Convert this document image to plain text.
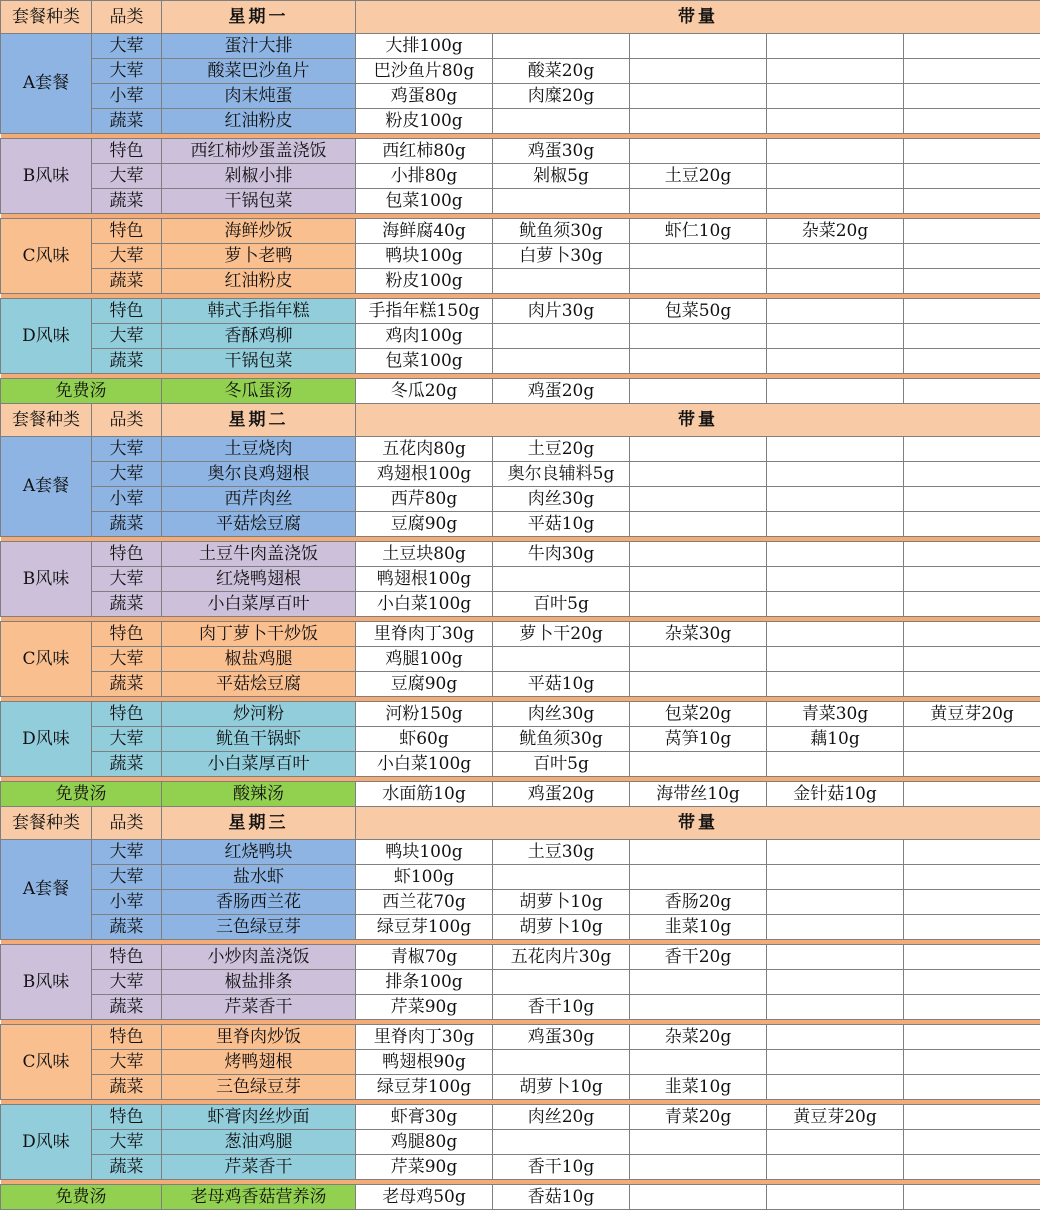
套餐种类	品类	星期一	带量				
A套餐	大荤	蛋汁大排	大排100g				
	大荤	酸菜巴沙鱼片	巴沙鱼片80g	酸菜20g			
	小荤	肉末炖蛋	鸡蛋80g	肉糜20g			
	蔬菜	红油粉皮	粉皮100g				

B风味	特色	西红柿炒蛋盖浇饭	西红柿80g	鸡蛋30g			
	大荤	剁椒小排	小排80g	剁椒5g	土豆20g		
	蔬菜	干锅包菜	包菜100g				

C风味	特色	海鲜炒饭	海鲜腐40g	鱿鱼须30g	虾仁10g	杂菜20g	
	大荤	萝卜老鸭	鸭块100g	白萝卜30g			
	蔬菜	红油粉皮	粉皮100g				

D风味	特色	韩式手指年糕	手指年糕150g	肉片30g	包菜50g		
	大荤	香酥鸡柳	鸡肉100g				
	蔬菜	干锅包菜	包菜100g				

免费汤		冬瓜蛋汤	冬瓜20g	鸡蛋20g			
套餐种类	品类	星期二	带量				
A套餐	大荤	土豆烧肉	五花肉80g	土豆20g			
	大荤	奥尔良鸡翅根	鸡翅根100g	奥尔良辅料5g			
	小荤	西芹肉丝	西芹80g	肉丝30g			
	蔬菜	平菇烩豆腐	豆腐90g	平菇10g			

B风味	特色	土豆牛肉盖浇饭	土豆块80g	牛肉30g			
	大荤	红烧鸭翅根	鸭翅根100g				
	蔬菜	小白菜厚百叶	小白菜100g	百叶5g			

C风味	特色	肉丁萝卜干炒饭	里脊肉丁30g	萝卜干20g	杂菜30g		
	大荤	椒盐鸡腿	鸡腿100g				
	蔬菜	平菇烩豆腐	豆腐90g	平菇10g			

D风味	特色	炒河粉	河粉150g	肉丝30g	包菜20g	青菜30g	黄豆芽20g
	大荤	鱿鱼干锅虾	虾60g	鱿鱼须30g	莴笋10g	藕10g	
	蔬菜	小白菜厚百叶	小白菜100g	百叶5g			

免费汤		酸辣汤	水面筋10g	鸡蛋20g	海带丝10g	金针菇10g	
套餐种类	品类	星期三	带量				
A套餐	大荤	红烧鸭块	鸭块100g	土豆30g			
	大荤	盐水虾	虾100g				
	小荤	香肠西兰花	西兰花70g	胡萝卜10g	香肠20g		
	蔬菜	三色绿豆芽	绿豆芽100g	胡萝卜10g	韭菜10g		

B风味	特色	小炒肉盖浇饭	青椒70g	五花肉片30g	香干20g		
	大荤	椒盐排条	排条100g				
	蔬菜	芹菜香干	芹菜90g	香干10g			

C风味	特色	里脊肉炒饭	里脊肉丁30g	鸡蛋30g	杂菜20g		
	大荤	烤鸭翅根	鸭翅根90g				
	蔬菜	三色绿豆芽	绿豆芽100g	胡萝卜10g	韭菜10g		

D风味	特色	虾膏肉丝炒面	虾膏30g	肉丝20g	青菜20g	黄豆芽20g	
	大荤	葱油鸡腿	鸡腿80g				
	蔬菜	芹菜香干	芹菜90g	香干10g			

免费汤		老母鸡香菇营养汤	老母鸡50g	香菇10g			
